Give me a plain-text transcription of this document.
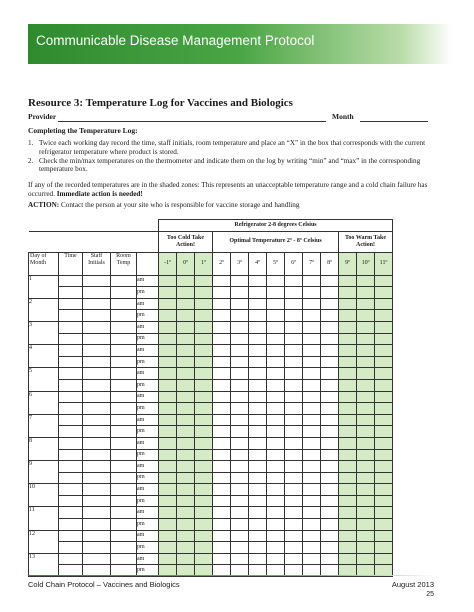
Communicable Disease Management Protocol
Resource 3: Temperature Log for Vaccines and Biologics
Provider	Month
Completing the Temperature Log:
1. Twice each working day record the time, staff initials, room temperature and place an “X” in the box that corresponds with the current refrigerator temperature where product is stored.
2. Check the min/max temperatures on the thermometer and indicate them on the log by writing “min” and “max” in the corresponding temperature box.
If any of the recorded temperatures are in the shaded zones: This represents an unacceptable temperature range and a cold chain failure has occurred. Immediate action is needed!
ACTION: Contact the person at your site who is responsible for vaccine storage and handling
					Refrigerator 2-8 degrees Celsius												
					Too Cold Take Action!			Optimal Temperature 2º - 8º Celsius							Too Warm Take Action!		
Day of Month	Time	Staff Initials	Room Temp		-1º	0º	1º	2º	3º	4º	5º	6º	7º	8º	9º	10º	11º

1				am													
				pm													
2				am													
				pm													
3				am													
				pm													
4				am													
				pm													
5				am													
				pm													
6				am													
				pm													
7				am													
				pm													
8				am													
				pm													
9				am													
				pm													
10				am													
				pm													
11				am													
				pm													
12				am													
				pm													
13				am													
				pm													
Cold Chain Protocol – Vaccines and Biologics	August 2013
25
